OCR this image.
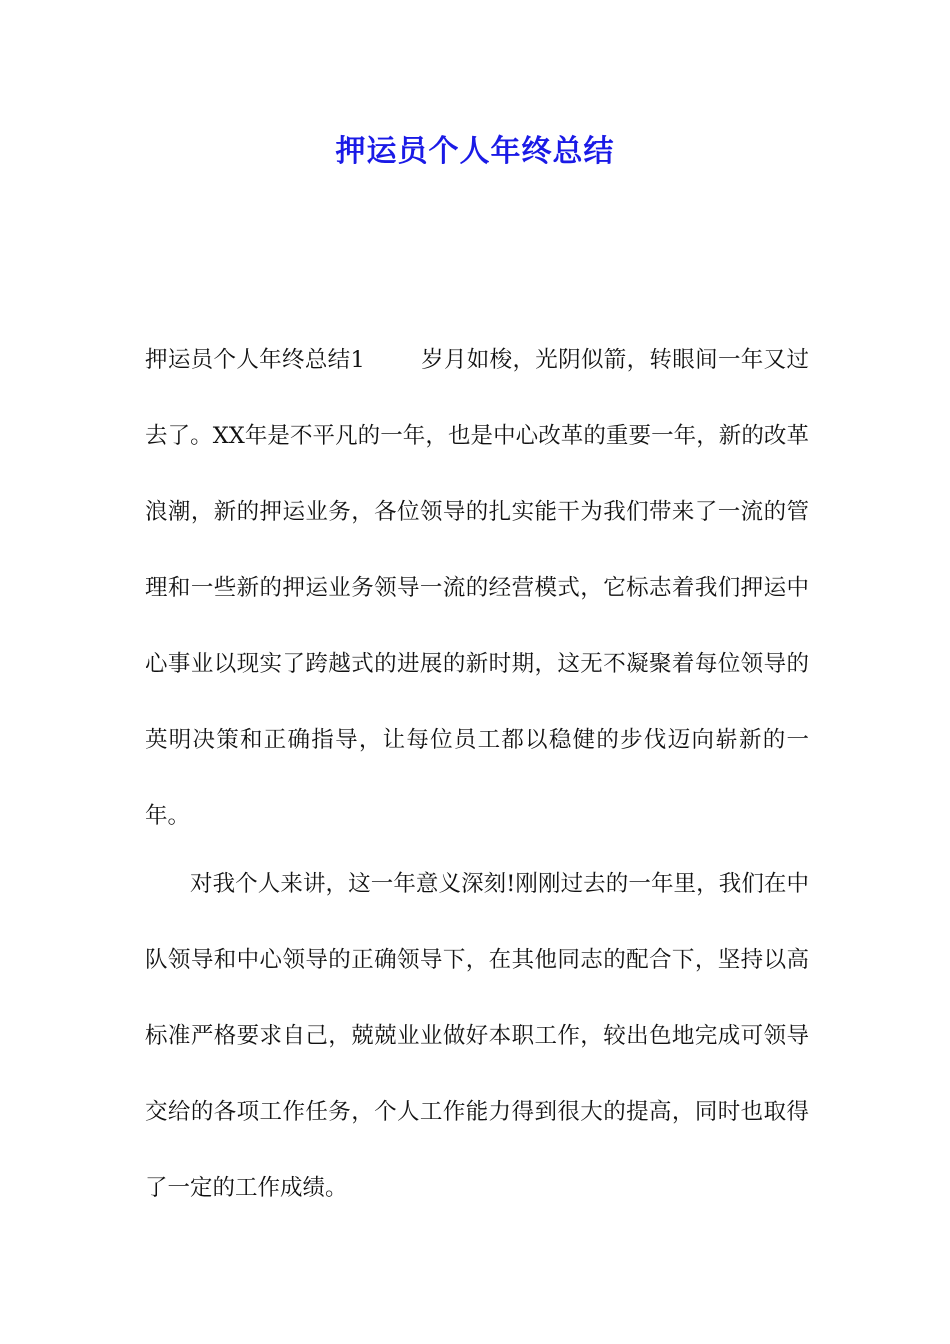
押运员个人年终总结

押运员个人年终总结1 岁月如梭，光阴似箭，转眼间一年又过去了。XX年是不平凡的一年，也是中心改革的重要一年，新的改革浪潮，新的押运业务，各位领导的扎实能干为我们带来了一流的管理和一些新的押运业务领导一流的经营模式，它标志着我们押运中心事业以现实了跨越式的进展的新时期，这无不凝聚着每位领导的英明决策和正确指导，让每位员工都以稳健的步伐迈向崭新的一年。

对我个人来讲，这一年意义深刻!刚刚过去的一年里，我们在中队领导和中心领导的正确领导下，在其他同志的配合下，坚持以高标准严格要求自己，兢兢业业做好本职工作，较出色地完成可领导交给的各项工作任务，个人工作能力得到很大的提高，同时也取得了一定的工作成绩。
